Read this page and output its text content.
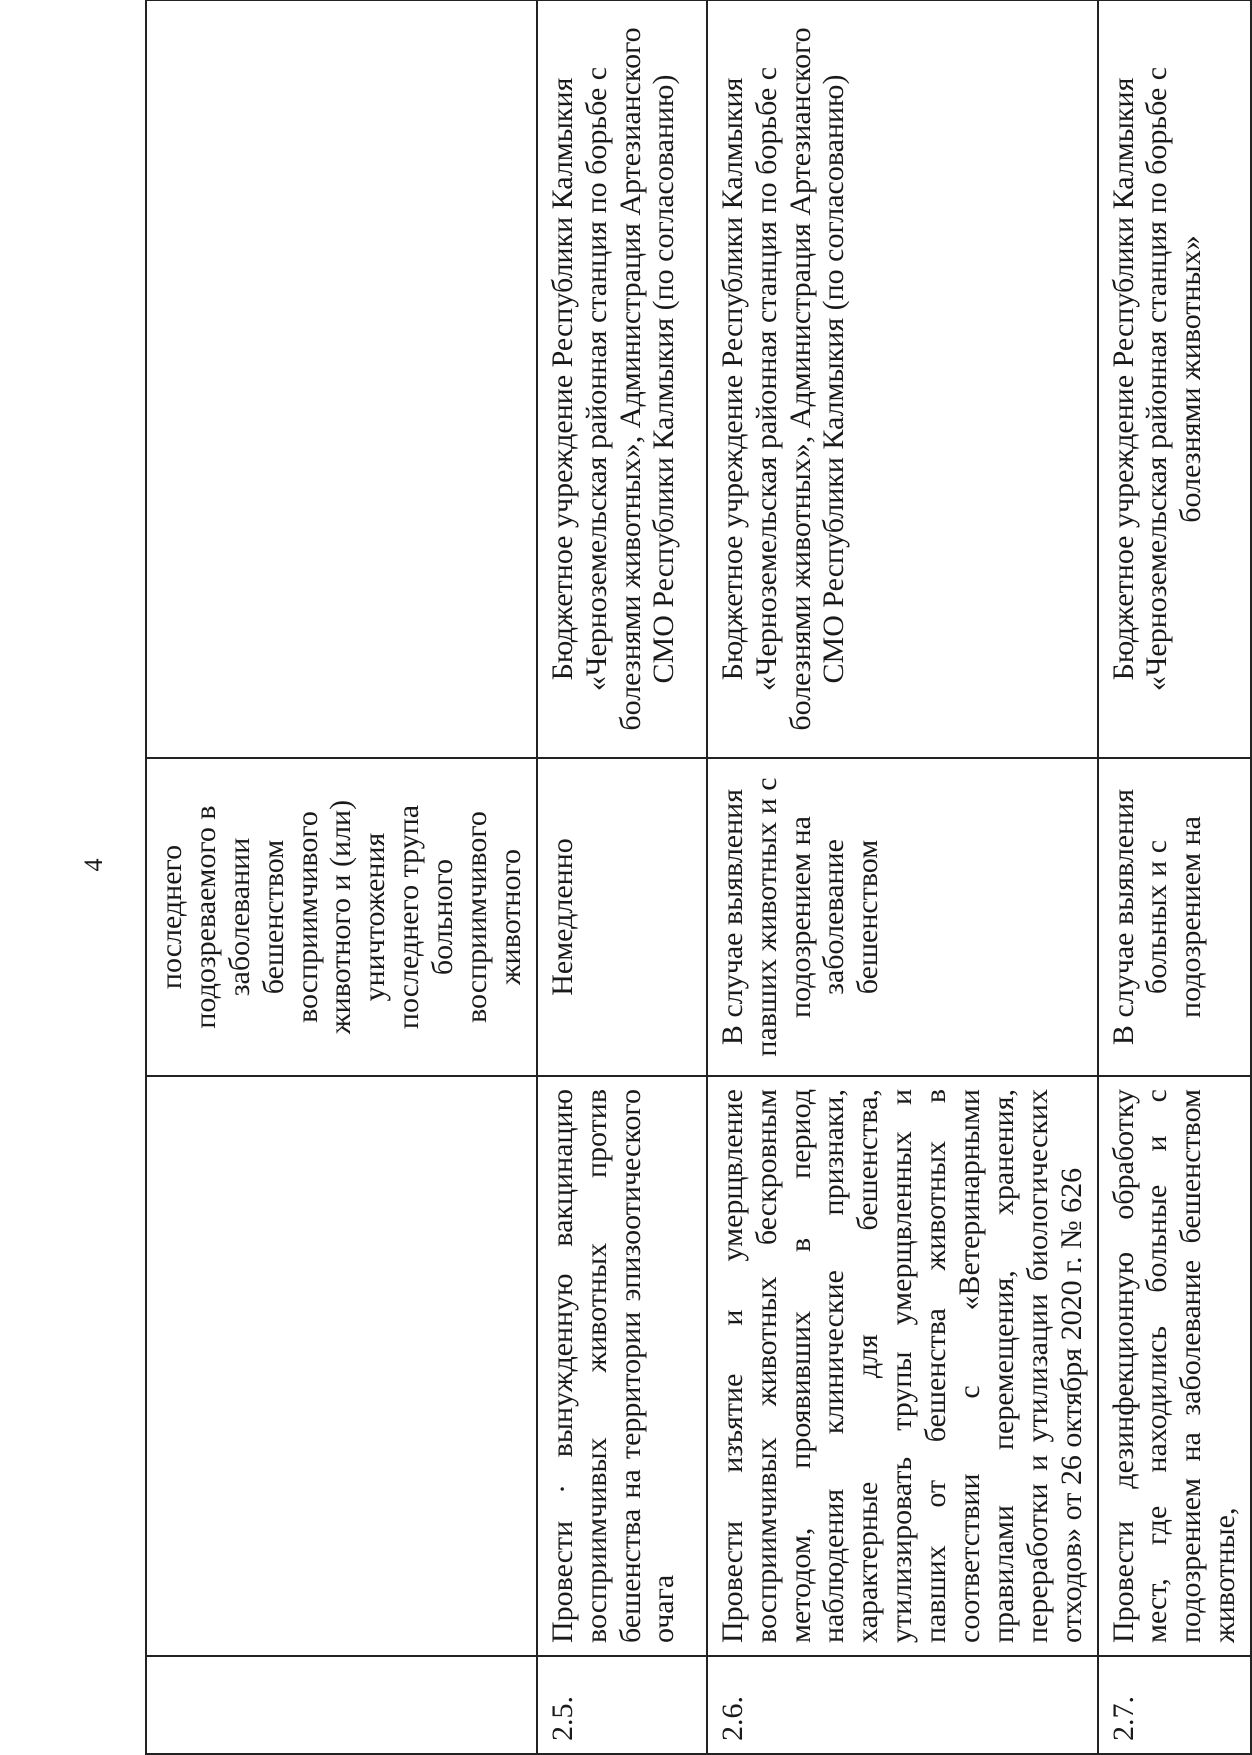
4
		последнего подозреваемого в заболевании бешенством восприимчивого животного и (или) уничтожения последнего трупа больного восприимчивого животного	
2.5.	Провести · вынужденную вакцинацию восприимчивых животных против бешенства на территории эпизоотического очага	Немедленно	Бюджетное учреждение Республики Калмыкия «Черноземельская районная станция по борьбе с болезнями животных», Администрация Артезианского СМО Республики Калмыкия (по согласованию)
2.6.	Провести изъятие и умерщвление восприимчивых животных бескровным методом, проявивших в период наблюдения клинические признаки, характерные для бешенства, утилизировать трупы умерщвленных и павших от бешенства животных в соответствии с «Ветеринарными правилами перемещения, хранения, переработки и утилизации биологических отходов» от 26 октября 2020 г. № 626	В случае выявления павших животных и с подозрением на заболевание бешенством	Бюджетное учреждение Республики Калмыкия «Черноземельская районная станция по борьбе с болезнями животных», Администрация Артезианского СМО Республики Калмыкия (по согласованию)
2.7.	Провести дезинфекционную обработку мест, где находились больные и с подозрением на заболевание бешенством животные,	В случае выявления больных и с подозрением на	Бюджетное учреждение Республики Калмыкия «Черноземельская районная станция по борьбе с болезнями животных»
